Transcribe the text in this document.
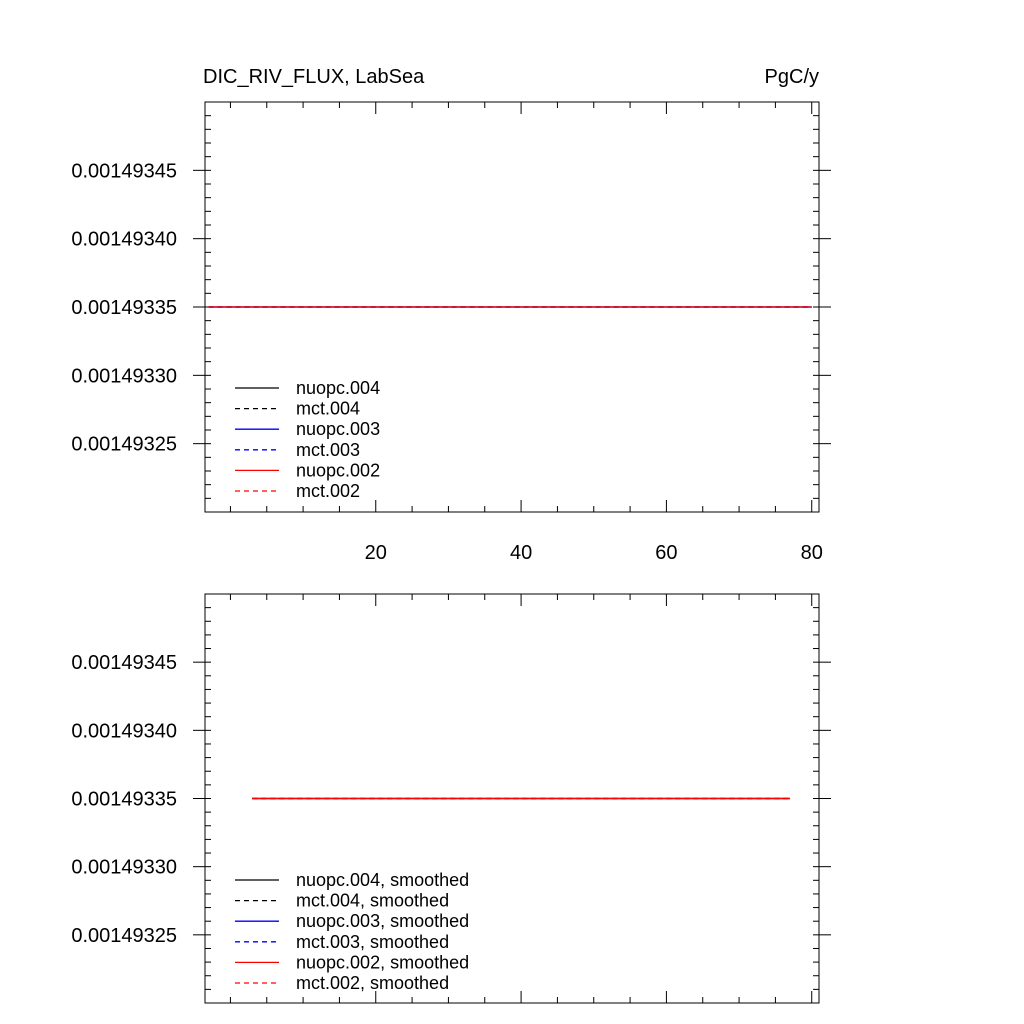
0.00149325
0.00149330
0.00149335
0.00149340
0.00149345
20	40	60	80
DIC_RIV_FLUX, LabSea	PgC/y
nuopc.004
mct.004
nuopc.003
mct.003
nuopc.002
mct.002
0.00149325
0.00149330
0.00149335
0.00149340
0.00149345
nuopc.004, smoothed
mct.004, smoothed
nuopc.003, smoothed
mct.003, smoothed
nuopc.002, smoothed
mct.002, smoothed
